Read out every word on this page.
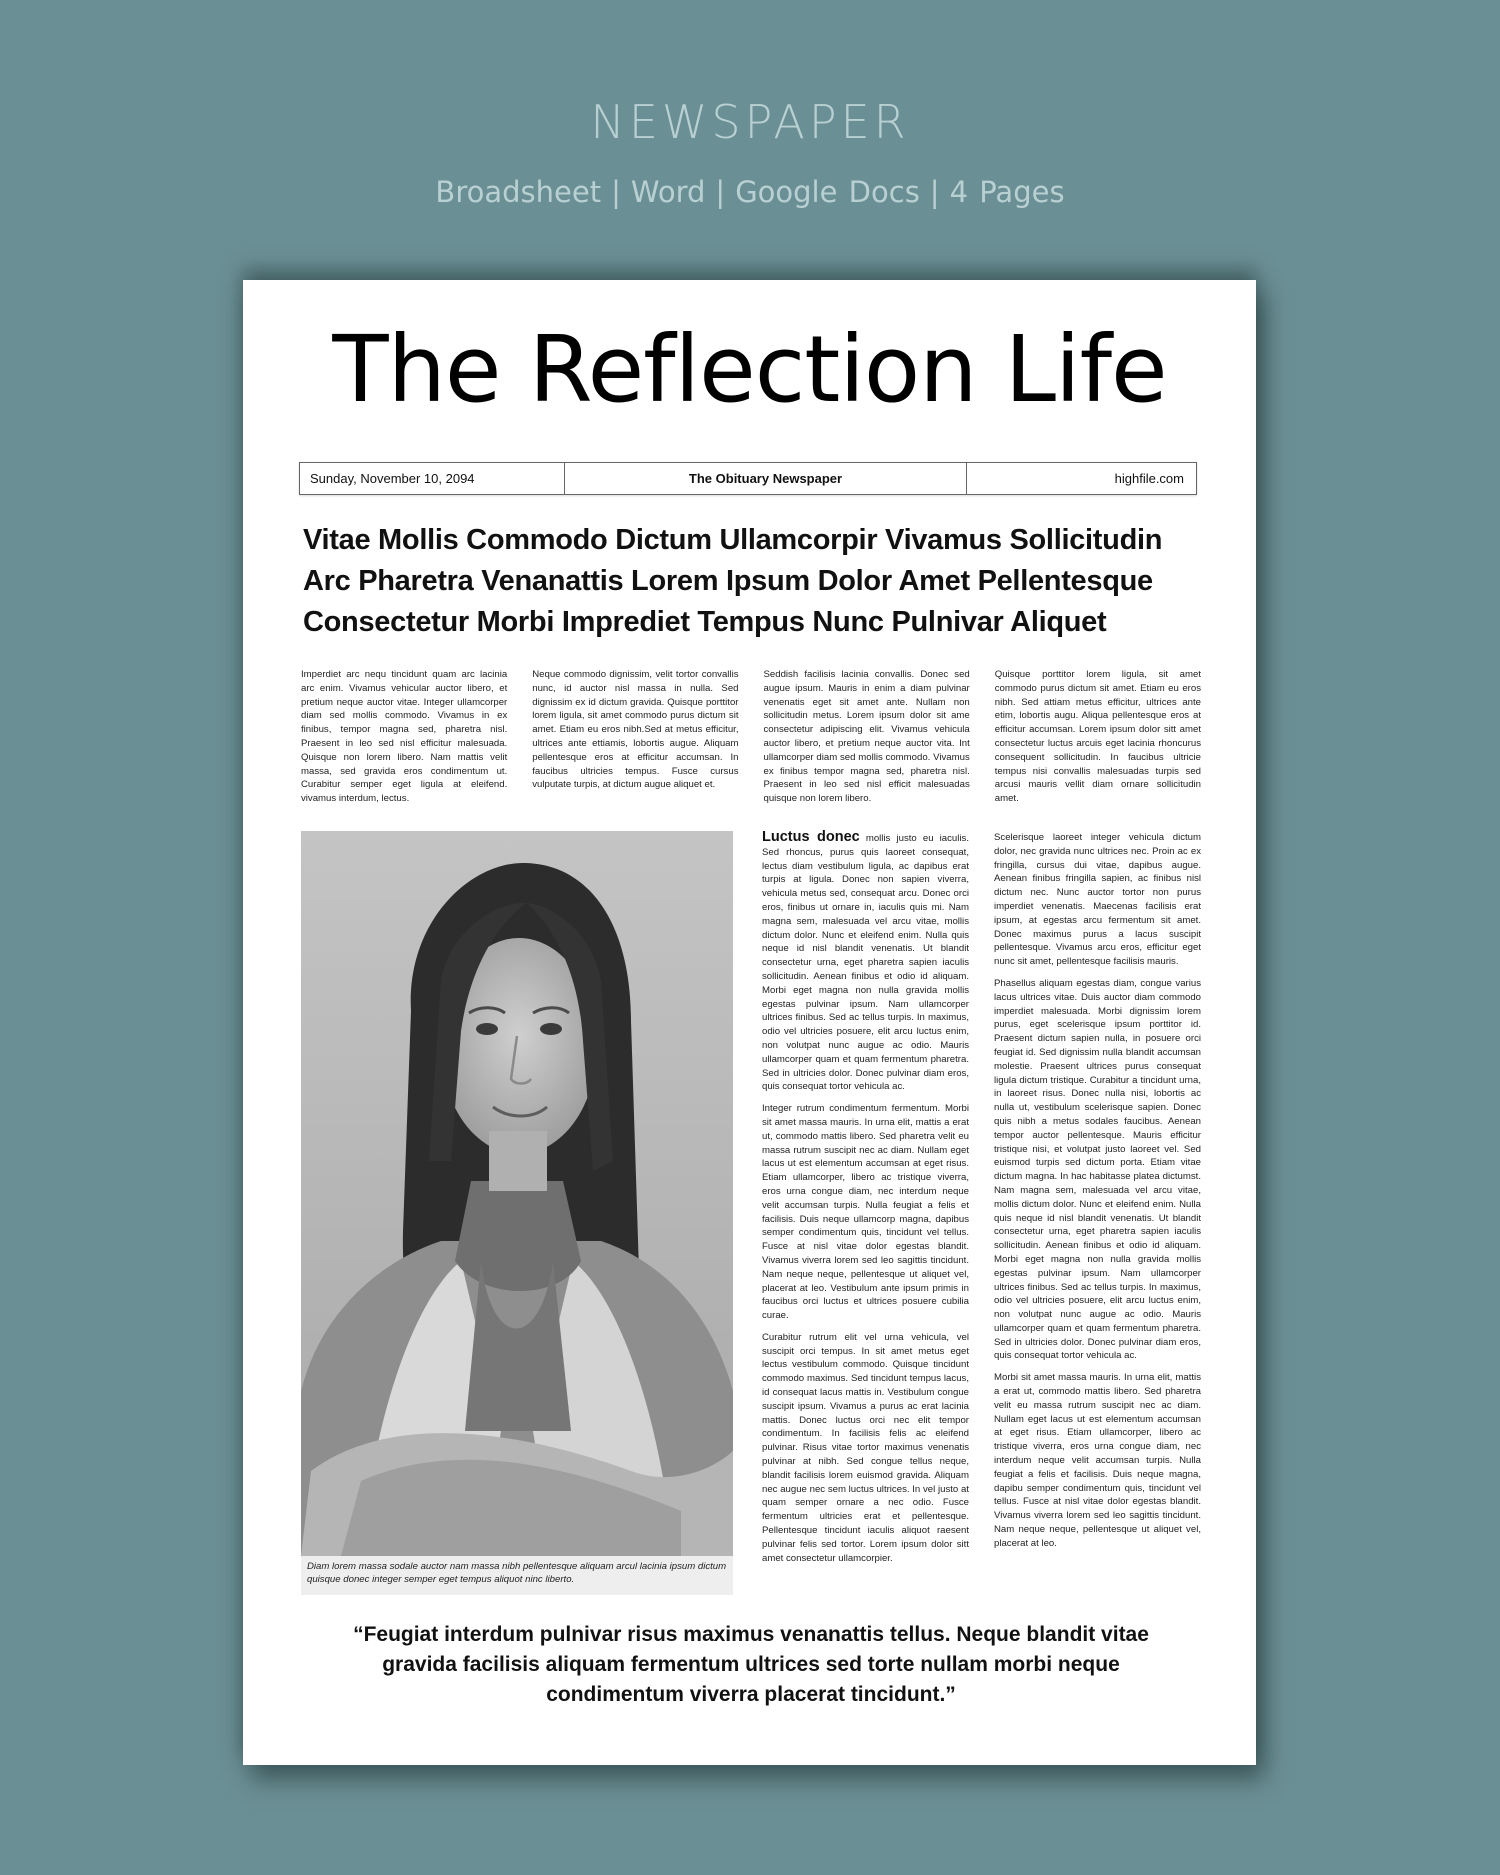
NEWSPAPER
Broadsheet | Word | Google Docs | 4 Pages
The Reflection Life
Sunday, November 10, 2094	The Obituary Newspaper	highfile.com
Vitae Mollis Commodo Dictum Ullamcorpir Vivamus Sollicitudin Arc Pharetra Venanattis Lorem Ipsum Dolor Amet Pellentesque Consectetur Morbi Imprediet Tempus Nunc Pulnivar Aliquet

Imperdiet arc nequ tincidunt quam arc lacinia arc enim. Vivamus vehicular auctor libero, et pretium neque auctor vitae. Integer ullamcorper diam sed mollis commodo. Vivamus in ex finibus, tempor magna sed, pharetra nisl. Praesent in leo sed nisl efficitur malesuada. Quisque non lorem libero. Nam mattis velit massa, sed gravida eros condimentum ut. Curabitur semper eget ligula at eleifend. vivamus interdum, lectus.

Neque commodo dignissim, velit tortor convallis nunc, id auctor nisl massa in nulla. Sed dignissim ex id dictum gravida. Quisque porttitor lorem ligula, sit amet commodo purus dictum sit amet. Etiam eu eros nibh.Sed at metus efficitur, ultrices ante ettiamis, lobortis augue. Aliquam pellentesque eros at efficitur accumsan. In faucibus ultricies tempus. Fusce cursus vulputate turpis, at dictum augue aliquet et.

Seddish facilisis lacinia convallis. Donec sed augue ipsum. Mauris in enim a diam pulvinar venenatis eget sit amet ante. Nullam non sollicitudin metus. Lorem ipsum dolor sit ame consectetur adipiscing elit. Vivamus vehicula auctor libero, et pretium neque auctor vita. Int ullamcorper diam sed mollis commodo. Vivamus ex finibus tempor magna sed, pharetra nisl. Praesent in leo sed nisl efficit malesuadas quisque non lorem libero.

Quisque porttitor lorem ligula, sit amet commodo purus dictum sit amet. Etiam eu eros nibh. Sed attiam metus efficitur, ultrices ante etim, lobortis augu. Aliqua pellentesque eros at efficitur accumsan. Lorem ipsum dolor sitt amet consectetur luctus arcuis eget lacinia rhoncurus consequent sollicitudin. In faucibus ultricie tempus nisi convallis malesuadas turpis sed arcusi mauris vellit diam ornare sollicitudin amet.

Diam lorem massa sodale auctor nam massa nibh pellentesque aliquam arcul lacinia ipsum dictum quisque donec integer semper eget tempus aliquot ninc liberto.

Luctus donec mollis justo eu iaculis. Sed rhoncus, purus quis laoreet consequat, lectus diam vestibulum ligula, ac dapibus erat turpis at ligula. Donec non sapien viverra, vehicula metus sed, consequat arcu. Donec orci eros, finibus ut ornare in, iaculis quis mi. Nam magna sem, malesuada vel arcu vitae, mollis dictum dolor. Nunc et eleifend enim. Nulla quis neque id nisl blandit venenatis. Ut blandit consectetur urna, eget pharetra sapien iaculis sollicitudin. Aenean finibus et odio id aliquam. Morbi eget magna non nulla gravida mollis egestas pulvinar ipsum. Nam ullamcorper ultrices finibus. Sed ac tellus turpis. In maximus, odio vel ultricies posuere, elit arcu luctus enim, non volutpat nunc augue ac odio. Mauris ullamcorper quam et quam fermentum pharetra. Sed in ultricies dolor. Donec pulvinar diam eros, quis consequat tortor vehicula ac.

Integer rutrum condimentum fermentum. Morbi sit amet massa mauris. In urna elit, mattis a erat ut, commodo mattis libero. Sed pharetra velit eu massa rutrum suscipit nec ac diam. Nullam eget lacus ut est elementum accumsan at eget risus. Etiam ullamcorper, libero ac tristique viverra, eros urna congue diam, nec interdum neque velit accumsan turpis. Nulla feugiat a felis et facilisis. Duis neque ullamcorp magna, dapibus semper condimentum quis, tincidunt vel tellus. Fusce at nisl vitae dolor egestas blandit. Vivamus viverra lorem sed leo sagittis tincidunt. Nam neque neque, pellentesque ut aliquet vel, placerat at leo. Vestibulum ante ipsum primis in faucibus orci luctus et ultrices posuere cubilia curae.

Curabitur rutrum elit vel urna vehicula, vel suscipit orci tempus. In sit amet metus eget lectus vestibulum commodo. Quisque tincidunt commodo maximus. Sed tincidunt tempus lacus, id consequat lacus mattis in. Vestibulum congue suscipit ipsum. Vivamus a purus ac erat lacinia mattis. Donec luctus orci nec elit tempor condimentum. In facilisis felis ac eleifend pulvinar. Risus vitae tortor maximus venenatis pulvinar at nibh. Sed congue tellus neque, blandit facilisis lorem euismod gravida. Aliquam nec augue nec sem luctus ultrices. In vel justo at quam semper ornare a nec odio. Fusce fermentum ultricies erat et pellentesque. Pellentesque tincidunt iaculis aliquot raesent pulvinar felis sed tortor. Lorem ipsum dolor sitt amet consectetur ullamcorpier.

Scelerisque laoreet integer vehicula dictum dolor, nec gravida nunc ultrices nec. Proin ac ex fringilla, cursus dui vitae, dapibus augue. Aenean finibus fringilla sapien, ac finibus nisl dictum nec. Nunc auctor tortor non purus imperdiet venenatis. Maecenas facilisis erat ipsum, at egestas arcu fermentum sit amet. Donec maximus purus a lacus suscipit pellentesque. Vivamus arcu eros, efficitur eget nunc sit amet, pellentesque facilisis mauris.

Phasellus aliquam egestas diam, congue varius lacus ultrices vitae. Duis auctor diam commodo imperdiet malesuada. Morbi dignissim lorem purus, eget scelerisque ipsum porttitor id. Praesent dictum sapien nulla, in posuere orci feugiat id. Sed dignissim nulla blandit accumsan molestie. Praesent ultrices purus consequat ligula dictum tristique. Curabitur a tincidunt urna, in laoreet risus. Donec nulla nisi, lobortis ac nulla ut, vestibulum scelerisque sapien. Donec quis nibh a metus sodales faucibus. Aenean tempor auctor pellentesque. Mauris efficitur tristique nisi, et volutpat justo laoreet vel. Sed euismod turpis sed dictum porta. Etiam vitae dictum magna. In hac habitasse platea dictumst. Nam magna sem, malesuada vel arcu vitae, mollis dictum dolor. Nunc et eleifend enim. Nulla quis neque id nisl blandit venenatis. Ut blandit consectetur urna, eget pharetra sapien iaculis sollicitudin. Aenean finibus et odio id aliquam. Morbi eget magna non nulla gravida mollis egestas pulvinar ipsum. Nam ullamcorper ultrices finibus. Sed ac tellus turpis. In maximus, odio vel ultricies posuere, elit arcu luctus enim, non volutpat nunc augue ac odio. Mauris ullamcorper quam et quam fermentum pharetra. Sed in ultricies dolor. Donec pulvinar diam eros, quis consequat tortor vehicula ac.

Morbi sit amet massa mauris. In urna elit, mattis a erat ut, commodo mattis libero. Sed pharetra velit eu massa rutrum suscipit nec ac diam. Nullam eget lacus ut est elementum accumsan at eget risus. Etiam ullamcorper, libero ac tristique viverra, eros urna congue diam, nec interdum neque velit accumsan turpis. Nulla feugiat a felis et facilisis. Duis neque magna, dapibu semper condimentum quis, tincidunt vel tellus. Fusce at nisl vitae dolor egestas blandit. Vivamus viverra lorem sed leo sagittis tincidunt. Nam neque neque, pellentesque ut aliquet vel, placerat at leo.

“Feugiat interdum pulnivar risus maximus venanattis tellus. Neque blandit vitae gravida facilisis aliquam fermentum ultrices sed torte nullam morbi neque condimentum viverra placerat tincidunt.”
